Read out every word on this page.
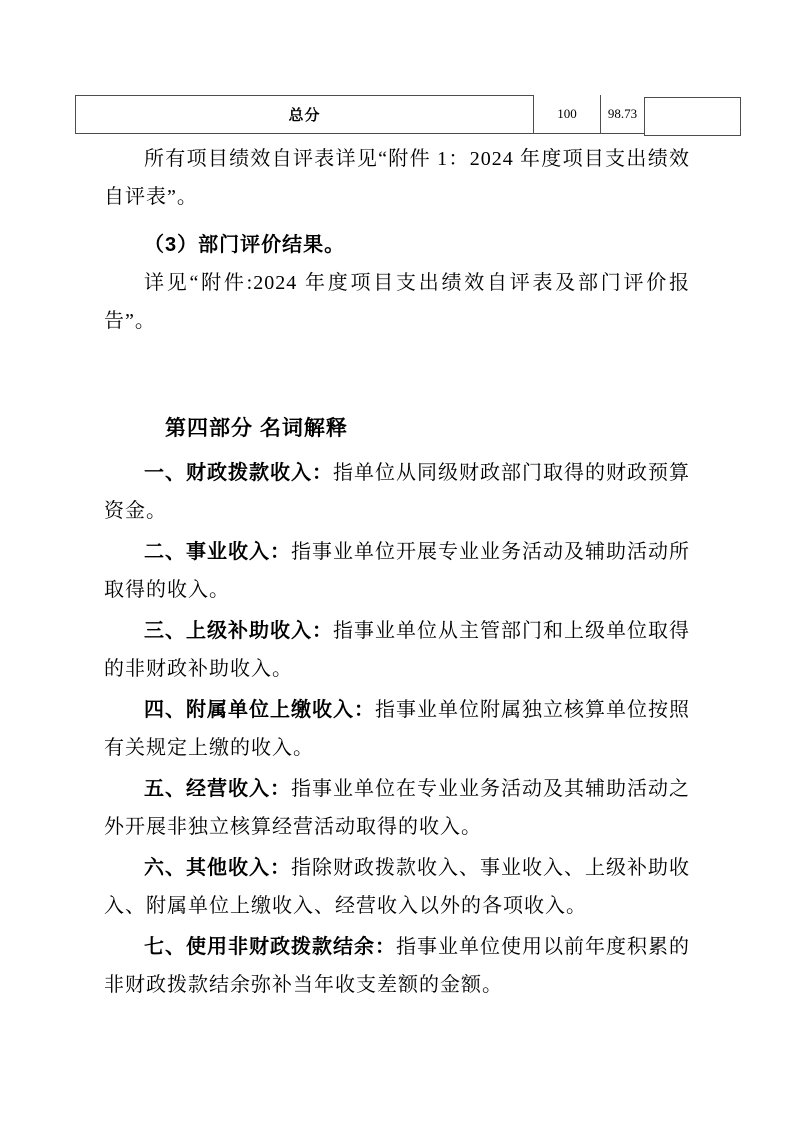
总分	100	98.73

所有项目绩效自评表详见“附件 1：2024 年度项目支出绩效自评表”。

（3）部门评价结果。

详见“附件:2024 年度项目支出绩效自评表及部门评价报告”。

第四部分 名词解释

一、财政拨款收入：指单位从同级财政部门取得的财政预算资金。

二、事业收入：指事业单位开展专业业务活动及辅助活动所取得的收入。

三、上级补助收入：指事业单位从主管部门和上级单位取得的非财政补助收入。

四、附属单位上缴收入：指事业单位附属独立核算单位按照有关规定上缴的收入。

五、经营收入：指事业单位在专业业务活动及其辅助活动之外开展非独立核算经营活动取得的收入。

六、其他收入：指除财政拨款收入、事业收入、上级补助收入、附属单位上缴收入、经营收入以外的各项收入。

七、使用非财政拨款结余：指事业单位使用以前年度积累的非财政拨款结余弥补当年收支差额的金额。
